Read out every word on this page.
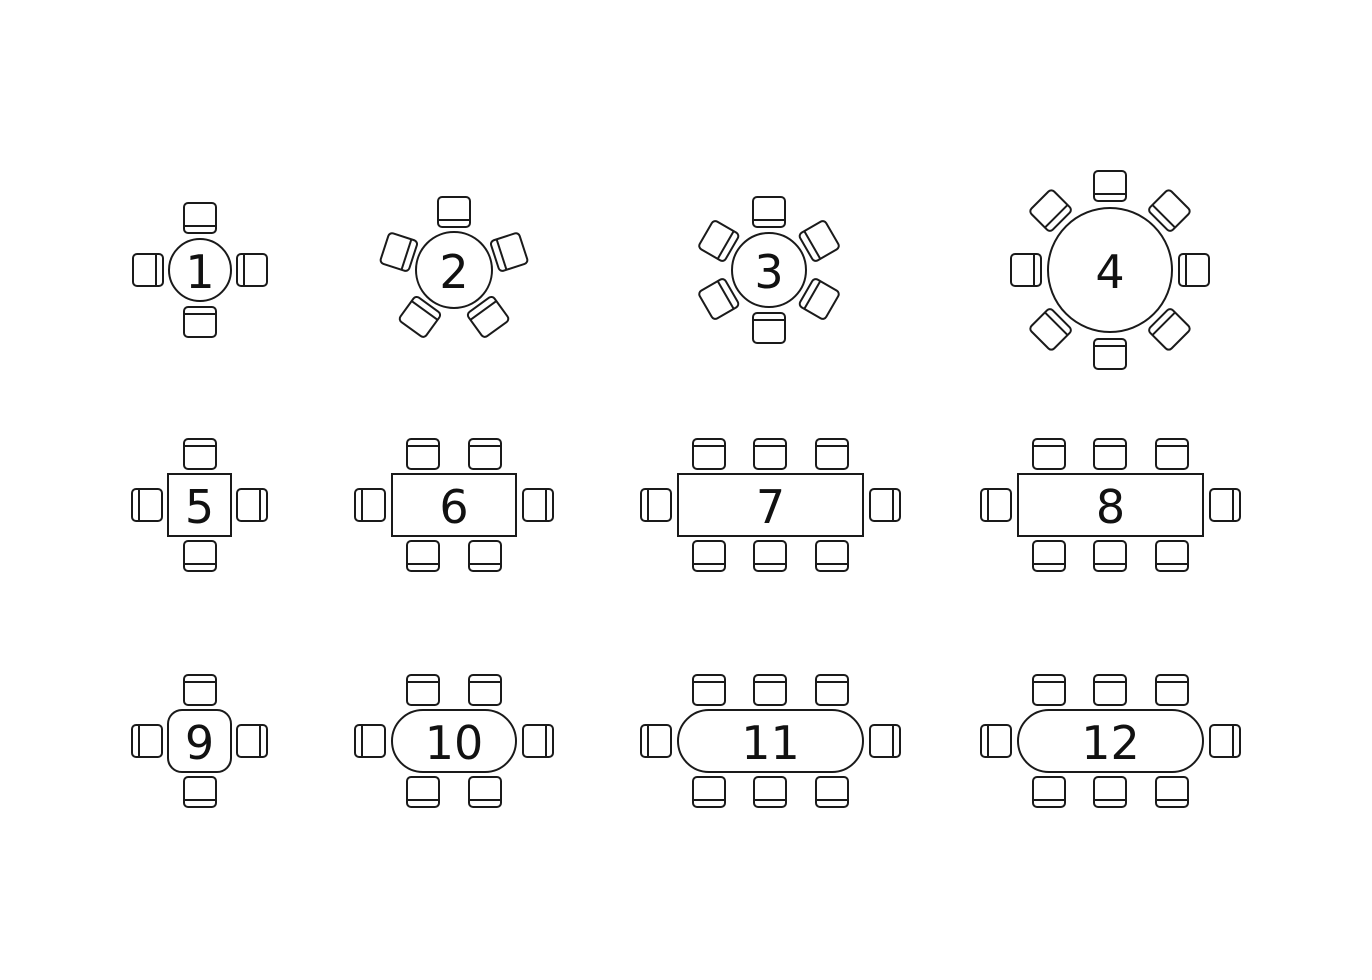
1	2	3	4
5	6	7	8
9	10	11	12
